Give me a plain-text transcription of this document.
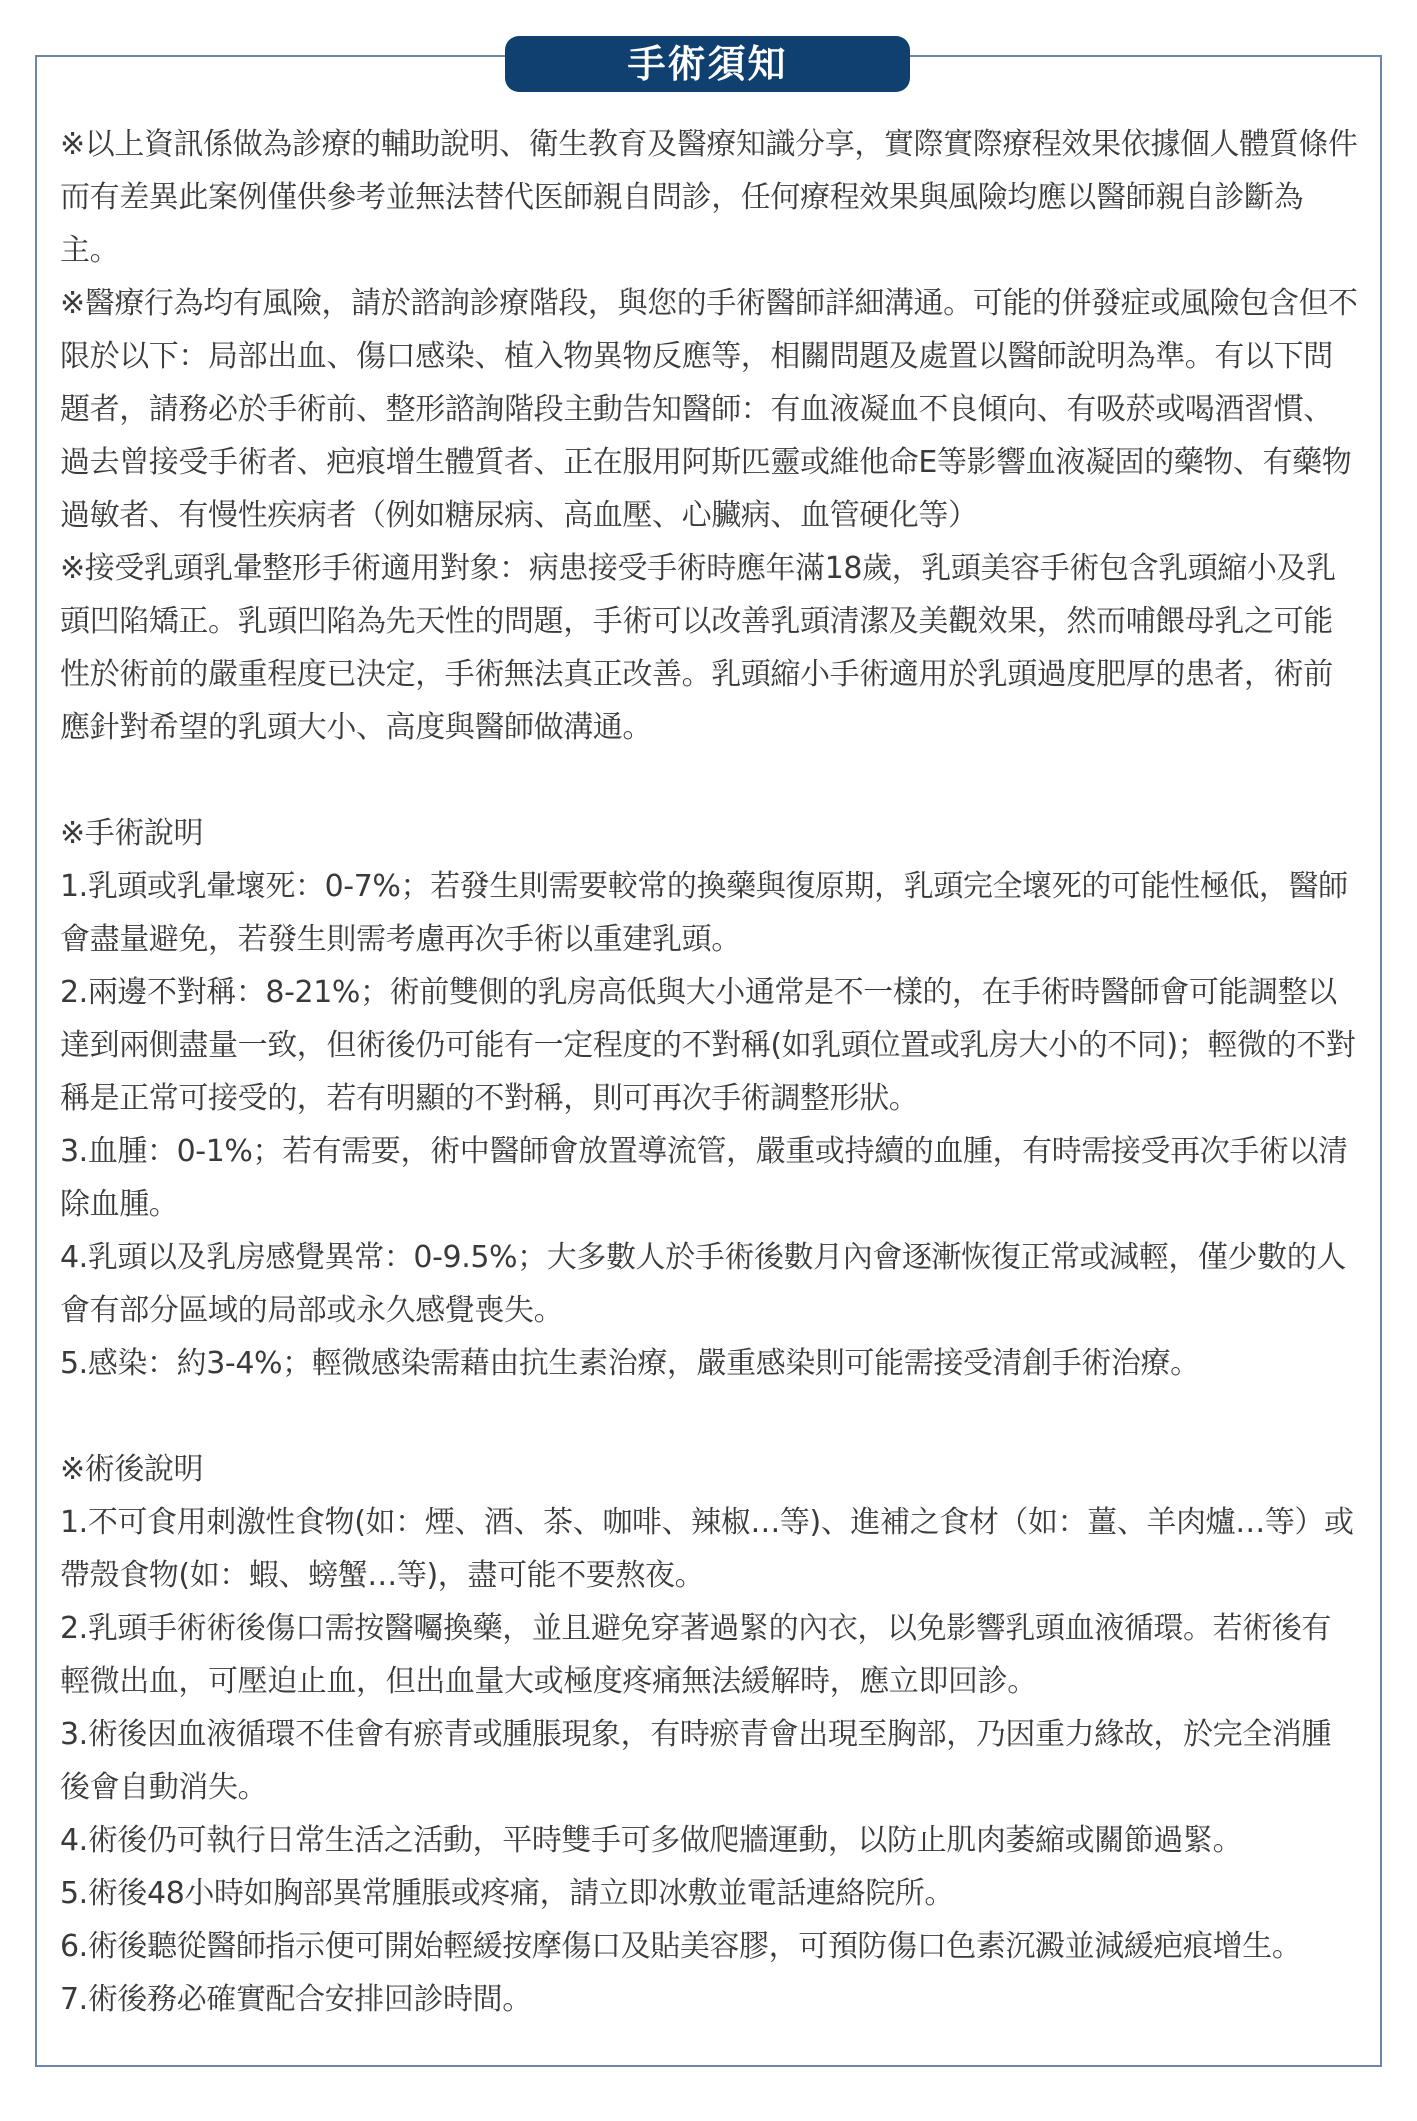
手術須知

※以上資訊係做為診療的輔助說明、衛生教育及醫療知識分享，實際實際療程效果依據個人體質條件而有差異此案例僅供參考並無法替代医師親自問診，任何療程效果與風險均應以醫師親自診斷為主。

※醫療行為均有風險，請於諮詢診療階段，與您的手術醫師詳細溝通。可能的併發症或風險包含但不限於以下：局部出血、傷口感染、植入物異物反應等，相關問題及處置以醫師說明為準。有以下問題者，請務必於手術前、整形諮詢階段主動告知醫師：有血液凝血不良傾向、有吸菸或喝酒習慣、過去曾接受手術者、疤痕增生體質者、正在服用阿斯匹靈或維他命E等影響血液凝固的藥物、有藥物過敏者、有慢性疾病者（例如糖尿病、高血壓、心臟病、血管硬化等）

※接受乳頭乳暈整形手術適用對象：病患接受手術時應年滿18歲，乳頭美容手術包含乳頭縮小及乳頭凹陷矯正。乳頭凹陷為先天性的問題，手術可以改善乳頭清潔及美觀效果，然而哺餵母乳之可能性於術前的嚴重程度已決定，手術無法真正改善。乳頭縮小手術適用於乳頭過度肥厚的患者，術前應針對希望的乳頭大小、高度與醫師做溝通。

※手術說明

1.乳頭或乳暈壞死：0-7%；若發生則需要較常的換藥與復原期，乳頭完全壞死的可能性極低，醫師會盡量避免，若發生則需考慮再次手術以重建乳頭。

2.兩邊不對稱：8-21%；術前雙側的乳房高低與大小通常是不一樣的，在手術時醫師會可能調整以達到兩側盡量一致，但術後仍可能有一定程度的不對稱(如乳頭位置或乳房大小的不同)；輕微的不對稱是正常可接受的，若有明顯的不對稱，則可再次手術調整形狀。

3.血腫：0-1%；若有需要，術中醫師會放置導流管，嚴重或持續的血腫，有時需接受再次手術以清除血腫。

4.乳頭以及乳房感覺異常：0-9.5%；大多數人於手術後數月內會逐漸恢復正常或減輕，僅少數的人會有部分區域的局部或永久感覺喪失。

5.感染：約3-4%；輕微感染需藉由抗生素治療，嚴重感染則可能需接受清創手術治療。

※術後說明

1.不可食用刺激性食物(如：煙、酒、茶、咖啡、辣椒…等)、進補之食材（如：薑、羊肉爐…等）或帶殼食物(如：蝦、螃蟹…等)，盡可能不要熬夜。

2.乳頭手術術後傷口需按醫囑換藥，並且避免穿著過緊的內衣，以免影響乳頭血液循環。若術後有輕微出血，可壓迫止血，但出血量大或極度疼痛無法緩解時，應立即回診。

3.術後因血液循環不佳會有瘀青或腫脹現象，有時瘀青會出現至胸部，乃因重力緣故，於完全消腫後會自動消失。

4.術後仍可執行日常生活之活動，平時雙手可多做爬牆運動，以防止肌肉萎縮或關節過緊。

5.術後48小時如胸部異常腫脹或疼痛，請立即冰敷並電話連絡院所。

6.術後聽從醫師指示便可開始輕緩按摩傷口及貼美容膠，可預防傷口色素沉澱並減緩疤痕增生。

7.術後務必確實配合安排回診時間。
